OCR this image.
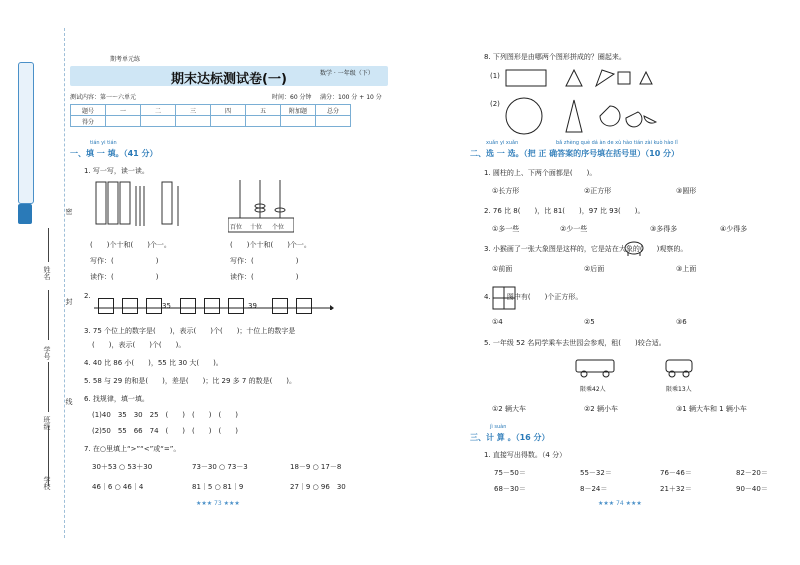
学校
班级
学号
姓名
密
封
线
期考单元练
数学 · 一年级（下）
期末达标测试卷(一)
测试内容：第一～六单元	时间：60 分钟 满分：100 分 + 10 分
题号	一	二	三	四	五	附加题	总分
得分							
tián yi tián
一、填 一 填。（41 分）
1. 写一写，读一读。
百位 十位 个位
(　　)个十和(　　)个一。
写作：(　　　　　　)
读作：(　　　　　　)
(　　)个十和(　　)个一。
写作：(　　　　　　)
读作：(　　　　　　)
2.
35	39
3. 75 个位上的数字是(　　)，表示(　　)个(　　)；十位上的数字是
(　　)，表示(　　)个(　　)。
4. 40 比 86 小(　　)，55 比 30 大(　　)。
5. 58 与 29 的和是(　　)，差是(　　)；比 29 多 7 的数是(　　)。
6. 找规律，填一填。
(1)40　35　30　25　(　　)　(　　)　(　　)
(2)50　55　66　74　(　　)　(　　)　(　　)
7. 在○里填上“>”“<”或“=”。
30＋53 ○ 53＋30	73－30 ○ 73－3	18－9 ○ 17－8
46｜6 ○ 46｜4	81｜5 ○ 81｜9	27｜9 ○ 96　30
★★★ 73 ★★★
8. 下列图形是由哪两个图形拼成的？圈起来。
(1)
(2)
xuǎn yi xuǎn	bǎ zhèng què dá àn de xù hào tián zài kuò hào lǐ
二、选 一 选。（把 正 确答案的序号填在括号里）（10 分）
1. 圆柱的上、下两个面都是(　　)。
①长方形	②正方形	③圆形
2. 76 比 8(　　)，比 81(　　)，97 比 93(　　)。
①多一些	②少一些	③多得多	④少得多
3. 小猴画了一张大象图是这样的，它是站在大象的(　　)观察的。
①前面	②后面	③上面
4.　　 图中有(　　)个正方形。
①4	②5	③6
5. 一年级 52 名同学乘车去世园会参观，租(　　)较合适。
限乘42人	限乘13人
①2 辆大车	②2 辆小车	③1 辆大车和 1 辆小车
jì suàn
三、计 算 。（16 分）
1. 直接写出得数。（4 分）
75－50＝	55－32＝	76－46＝	82－20＝
68－30＝	8－24＝	21＋32＝	90－40＝
★★★ 74 ★★★
